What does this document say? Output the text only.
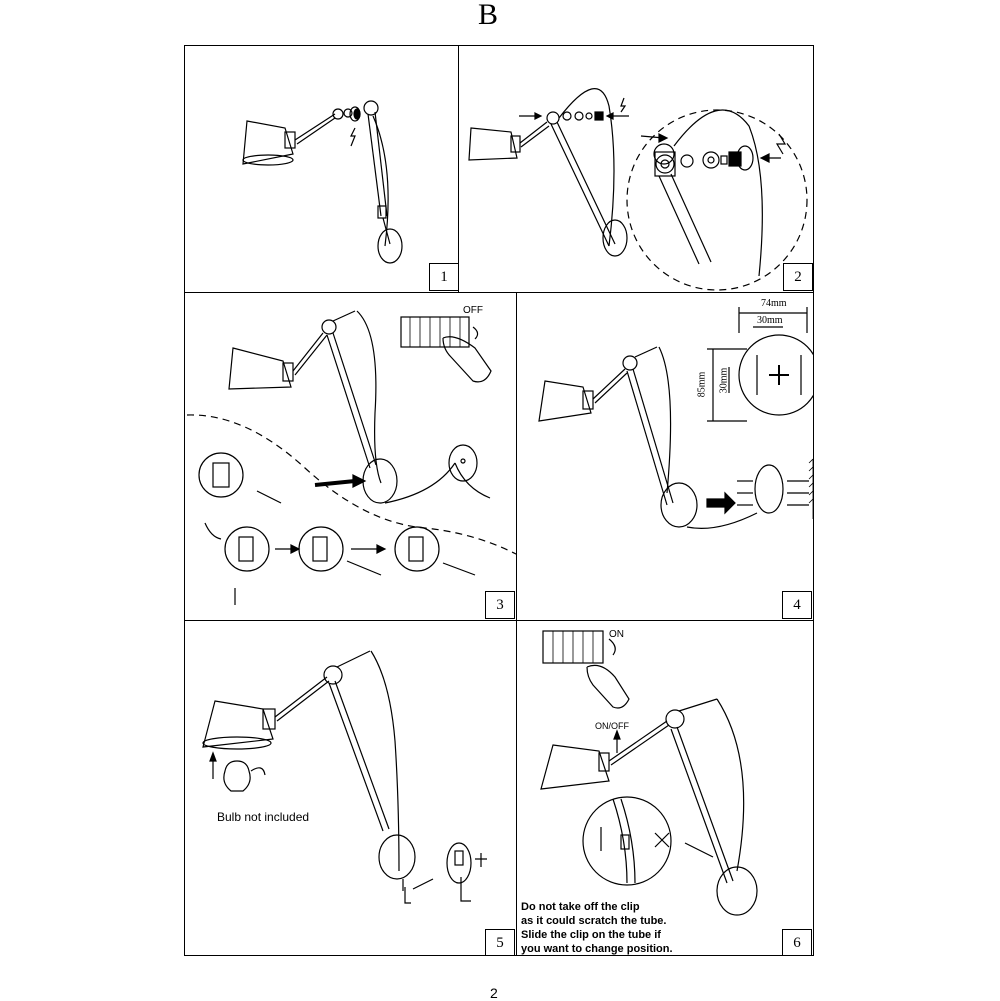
B
1	2
OFF
3
74mm
30mm
85mm 30mm
4
Bulb not included
5
ON
ON/OFF
Do not take off the clip
as it could scratch the tube.
Slide the clip on the tube if
you want to change position.	6
2
